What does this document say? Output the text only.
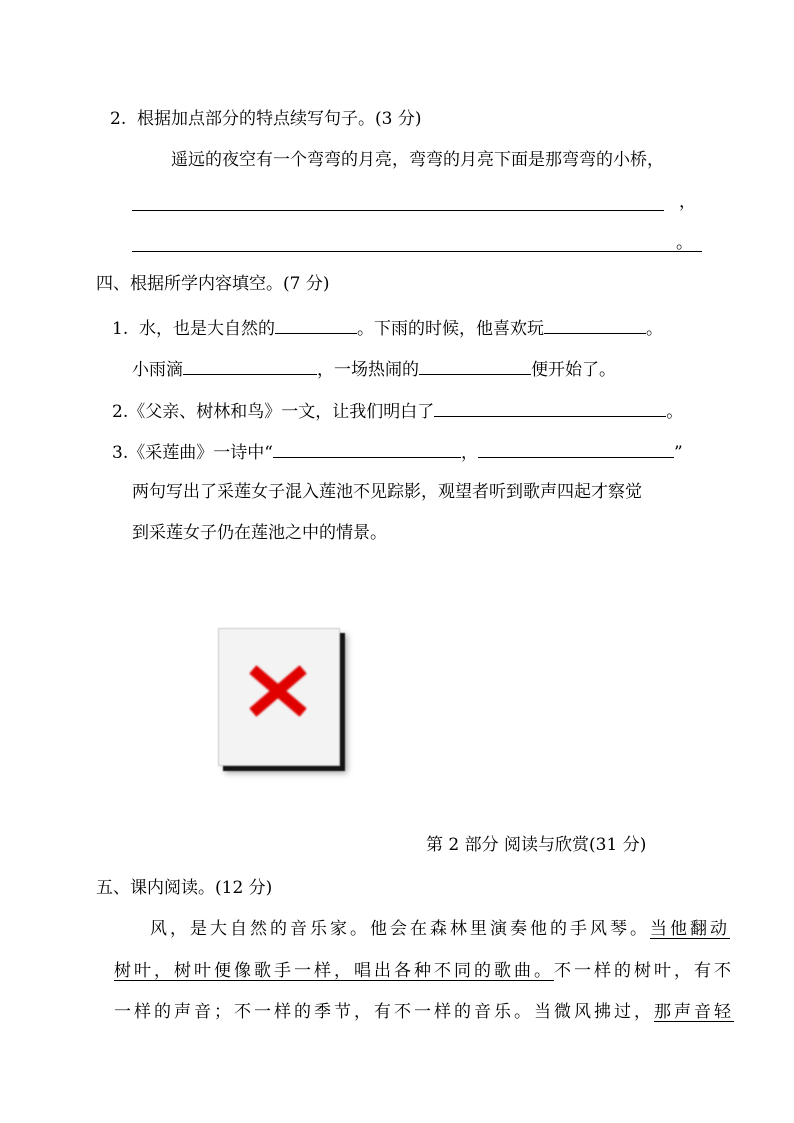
2. 根据加点部分的特点续写句子。(3 分)
遥远的夜空有一个弯弯的月亮，弯弯的月亮下面是那弯弯的小桥，
，
。
四、根据所学内容填空。(7 分)
1. 水，也是大自然的	。下雨的时候，他喜欢玩	。
小雨滴	，一场热闹的	便开始了。
2.《父亲、树林和鸟》一文，让我们明白了	。
3.《采莲曲》一诗中“	，	”
两句写出了采莲女子混入莲池不见踪影，观望者听到歌声四起才察觉
到采莲女子仍在莲池之中的情景。
第 2 部分 阅读与欣赏(31 分)
五、课内阅读。(12 分)
风，是大自然的音乐家。他会在森林里演奏他的手风琴。当他翻动
树叶，树叶便像歌手一样，唱出各种不同的歌曲。不一样的树叶，有不
一样的声音；不一样的季节，有不一样的音乐。当微风拂过，那声音轻
